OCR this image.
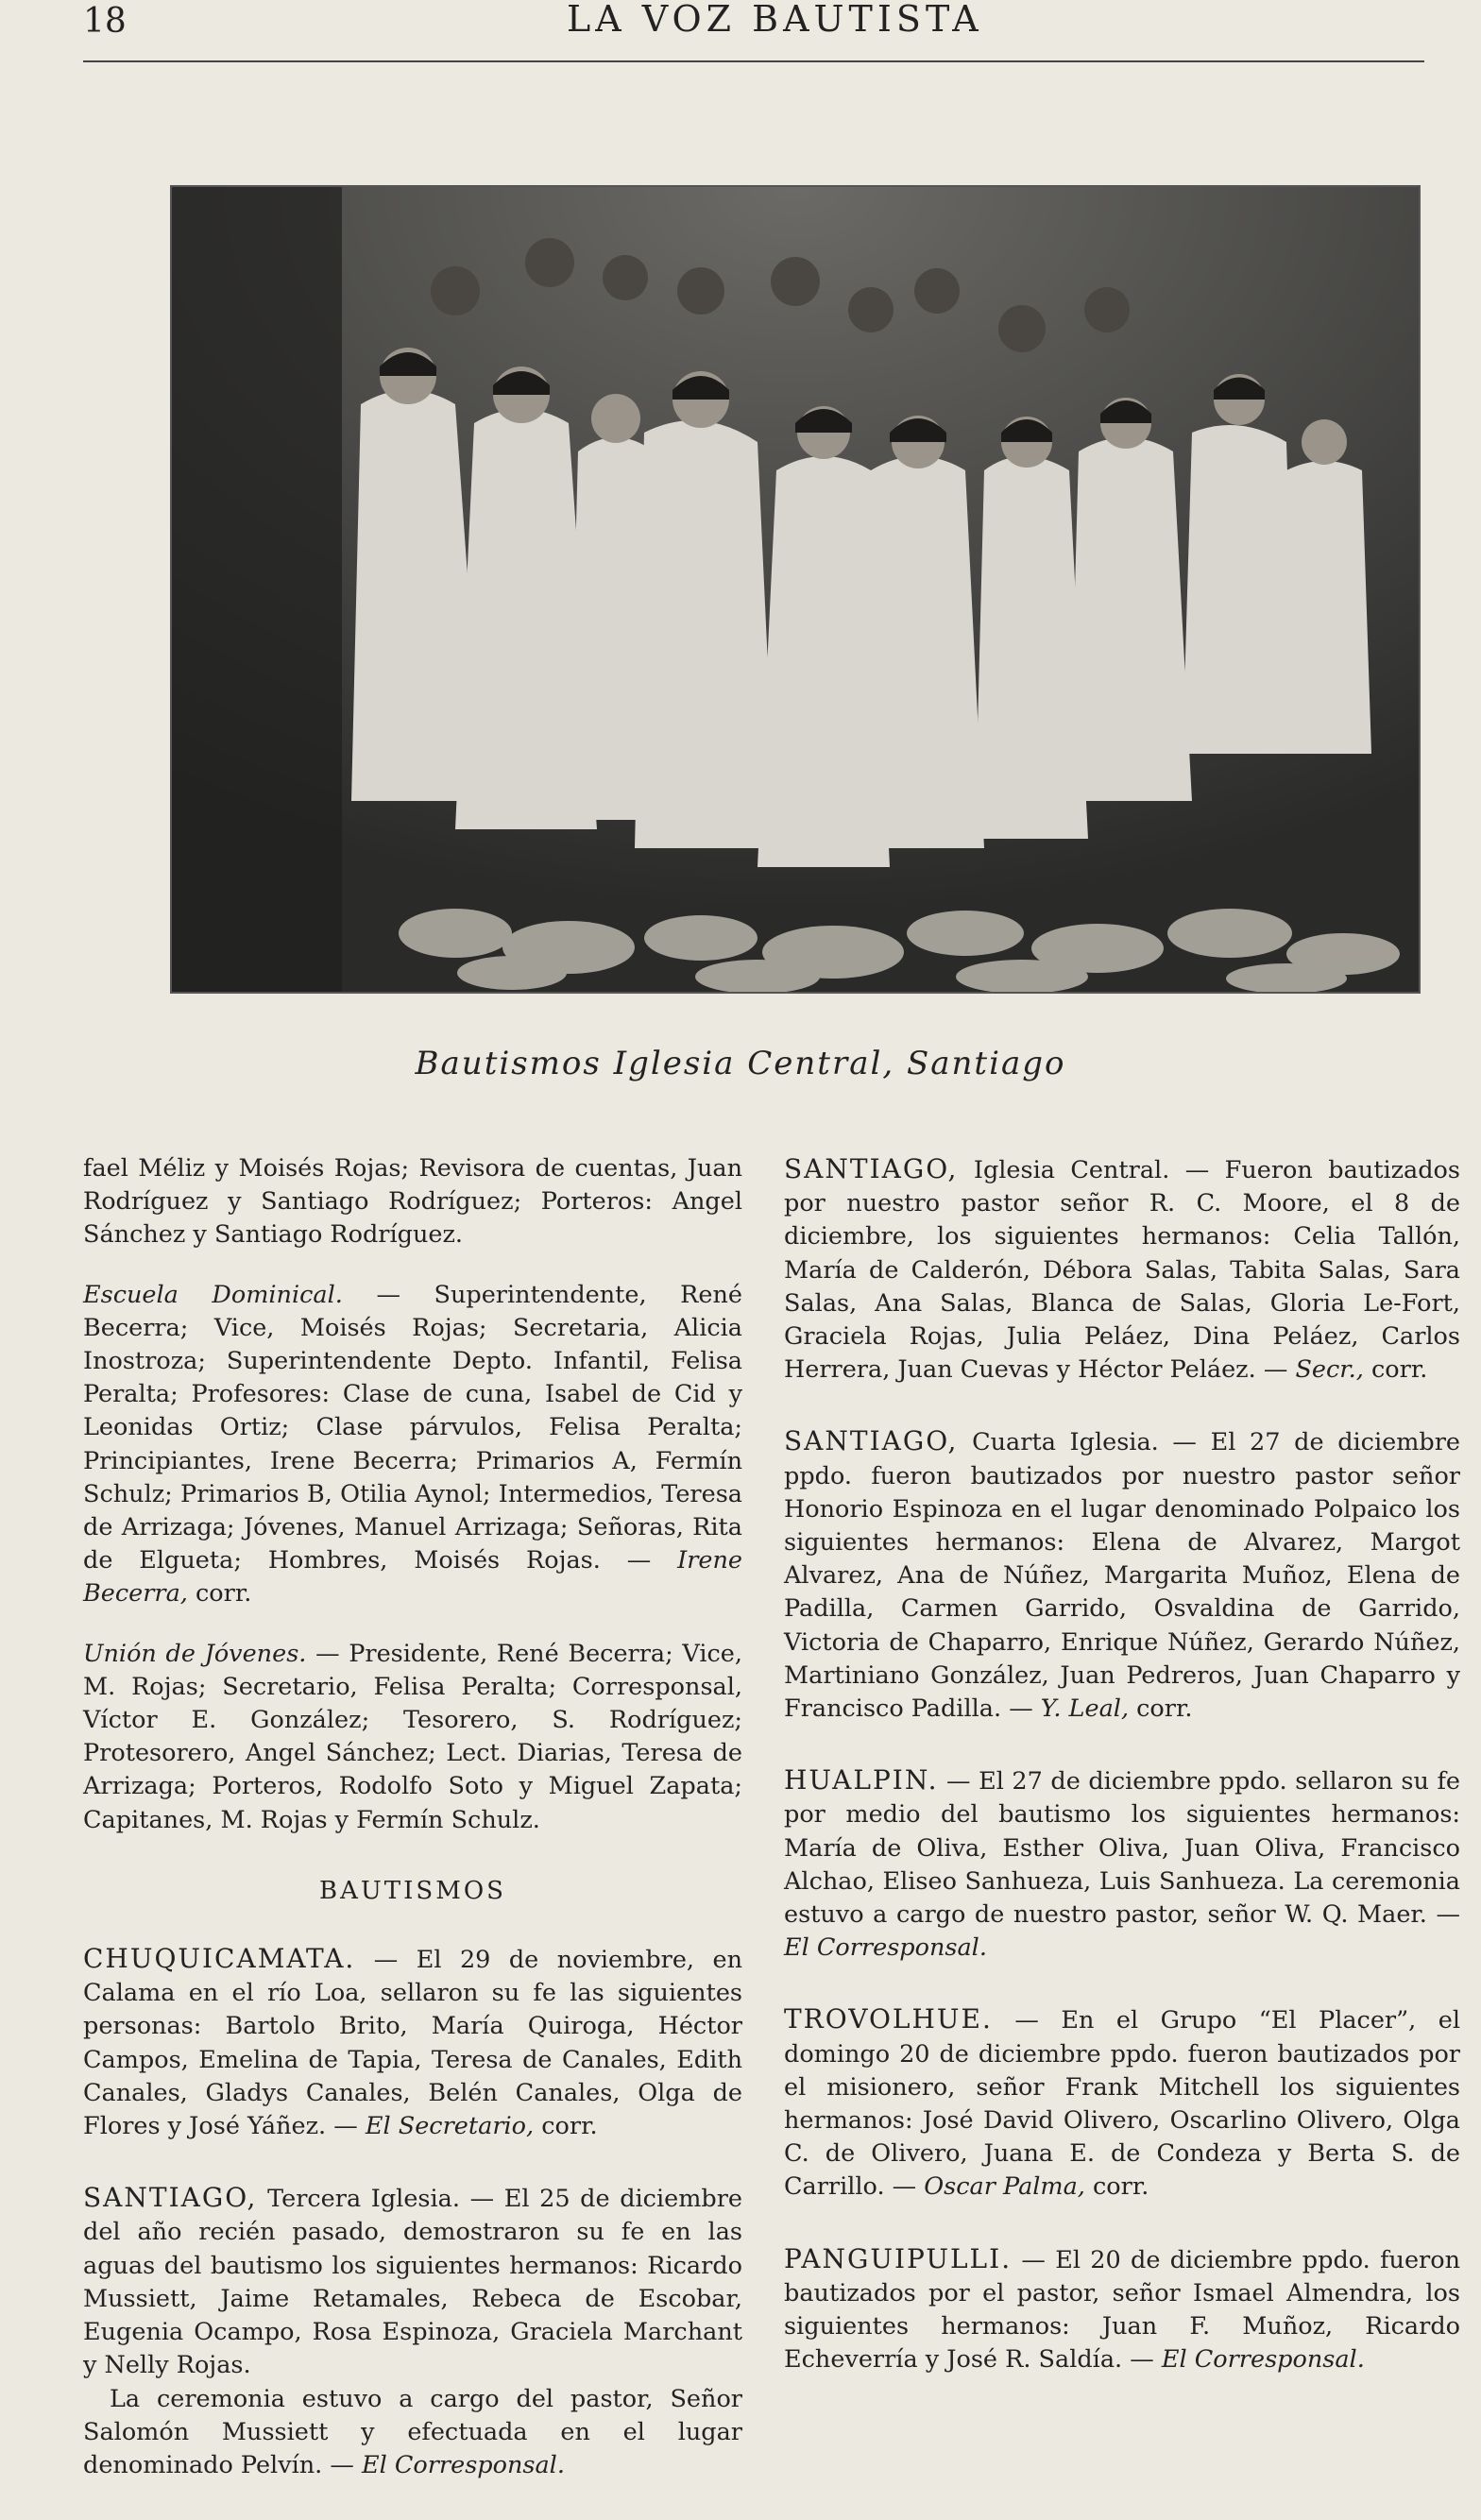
18	LA VOZ BAUTISTA
Bautismos Iglesia Central, Santiago

fael Méliz y Moisés Rojas; Revisora de cuentas, Juan Rodríguez y Santiago Rodríguez; Porteros: Angel Sánchez y Santiago Rodríguez.

Escuela Dominical. — Superintendente, René Becerra; Vice, Moisés Rojas; Secretaria, Alicia Inostroza; Superintendente Depto. Infantil, Felisa Peralta; Profesores: Clase de cuna, Isabel de Cid y Leonidas Ortiz; Clase párvulos, Felisa Peralta; Principiantes, Irene Becerra; Primarios A, Fermín Schulz; Primarios B, Otilia Aynol; Intermedios, Teresa de Arrizaga; Jóvenes, Manuel Arrizaga; Señoras, Rita de Elgueta; Hombres, Moisés Rojas. — Irene Becerra, corr.

Unión de Jóvenes. — Presidente, René Becerra; Vice, M. Rojas; Secretario, Felisa Peralta; Corresponsal, Víctor E. González; Tesorero, S. Rodríguez; Protesorero, Angel Sánchez; Lect. Diarias, Teresa de Arrizaga; Porteros, Rodolfo Soto y Miguel Zapata; Capitanes, M. Rojas y Fermín Schulz.

BAUTISMOS

CHUQUICAMATA. — El 29 de noviembre, en Calama en el río Loa, sellaron su fe las siguientes personas: Bartolo Brito, María Quiroga, Héctor Campos, Emelina de Tapia, Teresa de Canales, Edith Canales, Gladys Canales, Belén Canales, Olga de Flores y José Yáñez. — El Secretario, corr.

SANTIAGO, Tercera Iglesia. — El 25 de diciembre del año recién pasado, demostraron su fe en las aguas del bautismo los siguientes hermanos: Ricardo Mussiett, Jaime Retamales, Rebeca de Escobar, Eugenia Ocampo, Rosa Espinoza, Graciela Marchant y Nelly Rojas.

La ceremonia estuvo a cargo del pastor, Señor Salomón Mussiett y efectuada en el lugar denominado Pelvín. — El Corresponsal.

SANTIAGO, Iglesia Central. — Fueron bautizados por nuestro pastor señor R. C. Moore, el 8 de diciembre, los siguientes hermanos: Celia Tallón, María de Calderón, Débora Salas, Tabita Salas, Sara Salas, Ana Salas, Blanca de Salas, Gloria Le-Fort, Graciela Rojas, Julia Peláez, Dina Peláez, Carlos Herrera, Juan Cuevas y Héctor Peláez. — Secr., corr.

SANTIAGO, Cuarta Iglesia. — El 27 de diciembre ppdo. fueron bautizados por nuestro pastor señor Honorio Espinoza en el lugar denominado Polpaico los siguientes hermanos: Elena de Alvarez, Margot Alvarez, Ana de Núñez, Margarita Muñoz, Elena de Padilla, Carmen Garrido, Osvaldina de Garrido, Victoria de Chaparro, Enrique Núñez, Gerardo Núñez, Martiniano González, Juan Pedreros, Juan Chaparro y Francisco Padilla. — Y. Leal, corr.

HUALPIN. — El 27 de diciembre ppdo. sellaron su fe por medio del bautismo los siguientes hermanos: María de Oliva, Esther Oliva, Juan Oliva, Francisco Alchao, Eliseo Sanhueza, Luis Sanhueza. La ceremonia estuvo a cargo de nuestro pastor, señor W. Q. Maer. — El Corresponsal.

TROVOLHUE. — En el Grupo “El Placer”, el domingo 20 de diciembre ppdo. fueron bautizados por el misionero, señor Frank Mitchell los siguientes hermanos: José David Olivero, Oscarlino Olivero, Olga C. de Olivero, Juana E. de Condeza y Berta S. de Carrillo. — Oscar Palma, corr.

PANGUIPULLI. — El 20 de diciembre ppdo. fueron bautizados por el pastor, señor Ismael Almendra, los siguientes hermanos: Juan F. Muñoz, Ricardo Echeverría y José R. Saldía. — El Corresponsal.
